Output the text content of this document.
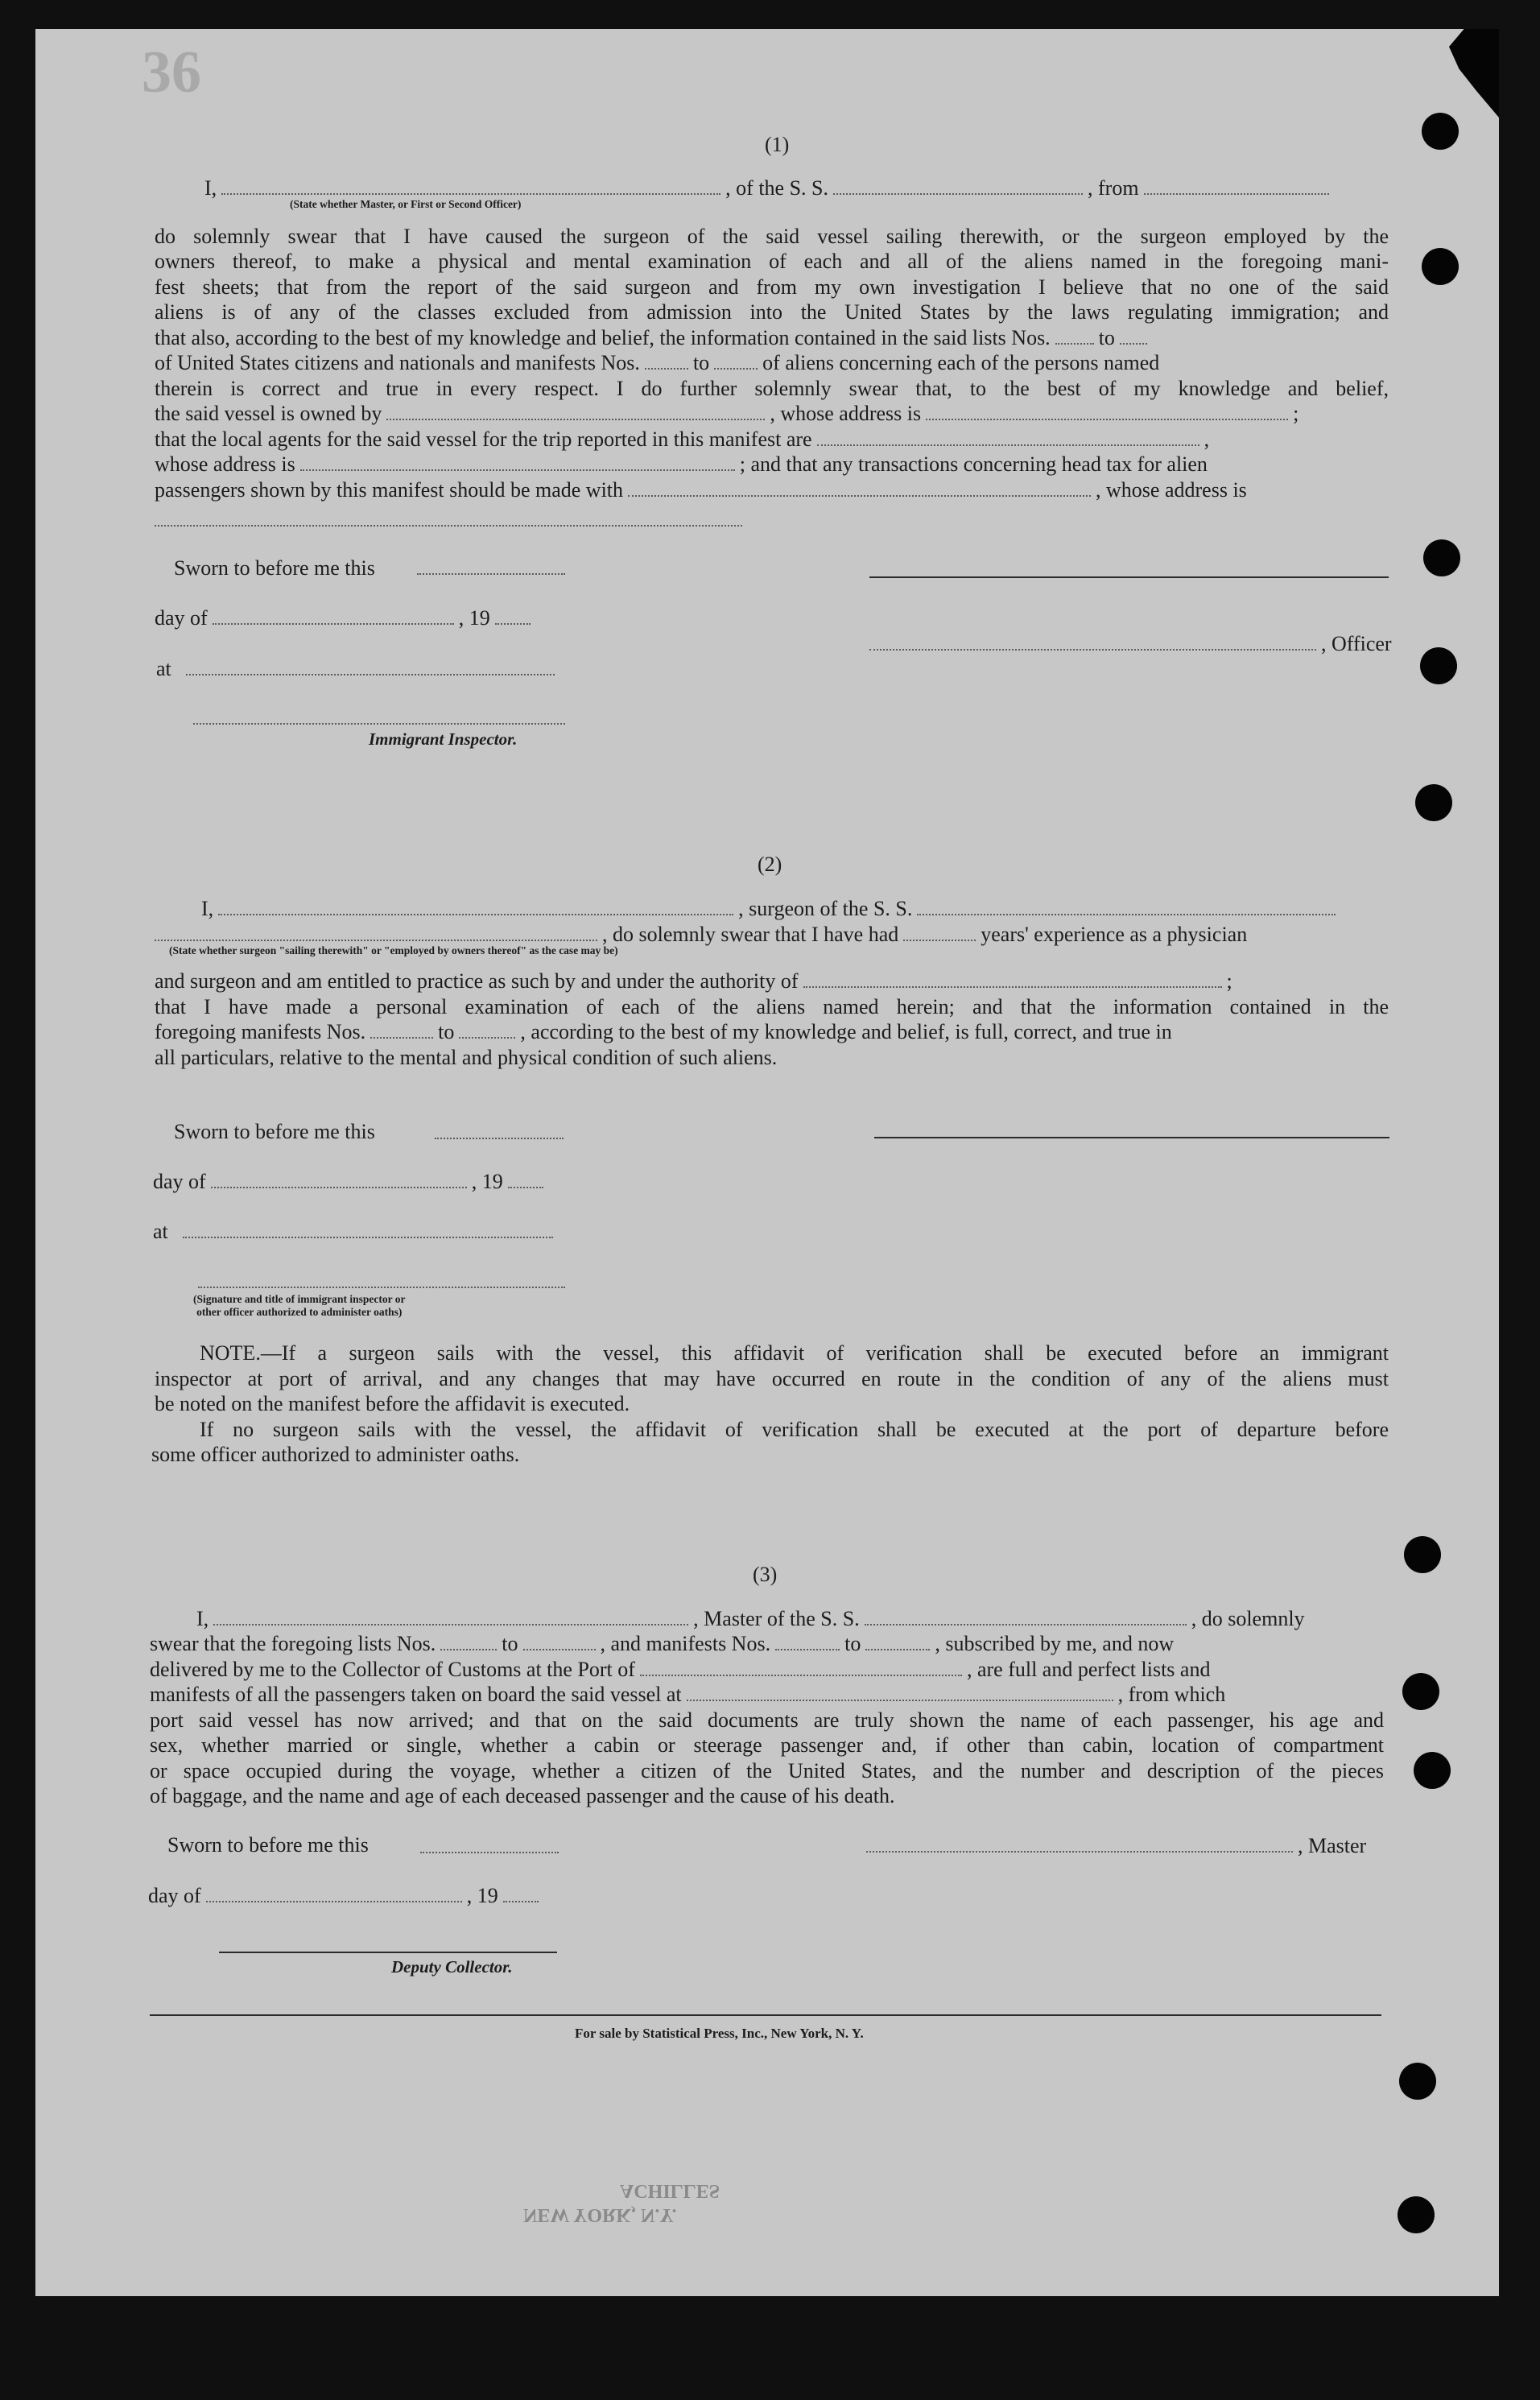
36
(1)
I,	, of the S. S.	, from
(State whether Master, or First or Second Officer)
do solemnly swear that I have caused the surgeon of the said vessel sailing therewith, or the surgeon employed by the
owners thereof, to make a physical and mental examination of each and all of the aliens named in the foregoing mani-
fest sheets; that from the report of the said surgeon and from my own investigation I believe that no one of the said
aliens is of any of the classes excluded from admission into the United States by the laws regulating immigration; and
that also, according to the best of my knowledge and belief, the information contained in the said lists Nos. to
of United States citizens and nationals and manifests Nos.	to	of aliens concerning each of the persons named
therein is correct and true in every respect. I do further solemnly swear that, to the best of my knowledge and belief,
the said vessel is owned by	, whose address is	;
that the local agents for the said vessel for the trip reported in this manifest are	,
whose address is	; and that any transactions concerning head tax for alien
passengers shown by this manifest should be made with	, whose address is
Sworn to before me this
day of	, 19
, Officer
at
Immigrant Inspector.
(2)
I,	, surgeon of the S. S.
, do solemnly swear that I have had	years' experience as a physician
(State whether surgeon "sailing therewith" or "employed by owners thereof" as the case may be)
and surgeon and am entitled to practice as such by and under the authority of	;
that I have made a personal examination of each of the aliens named herein; and that the information contained in the
foregoing manifests Nos.	to	, according to the best of my knowledge and belief, is full, correct, and true in
all particulars, relative to the mental and physical condition of such aliens.
Sworn to before me this
day of	, 19
at
(Signature and title of immigrant inspector or
other officer authorized to administer oaths)
NOTE.—If a surgeon sails with the vessel, this affidavit of verification shall be executed before an immigrant
inspector at port of arrival, and any changes that may have occurred en route in the condition of any of the aliens must
be noted on the manifest before the affidavit is executed.
If no surgeon sails with the vessel, the affidavit of verification shall be executed at the port of departure before
some officer authorized to administer oaths.
(3)
I,	, Master of the S. S.	, do solemnly
swear that the foregoing lists Nos.	to	, and manifests Nos.	to	, subscribed by me, and now
delivered by me to the Collector of Customs at the Port of	, are full and perfect lists and
manifests of all the passengers taken on board the said vessel at	, from which
port said vessel has now arrived; and that on the said documents are truly shown the name of each passenger, his age and
sex, whether married or single, whether a cabin or steerage passenger and, if other than cabin, location of compartment
or space occupied during the voyage, whether a citizen of the United States, and the number and description of the pieces
of baggage, and the name and age of each deceased passenger and the cause of his death.
Sworn to before me this	, Master
day of	, 19
Deputy Collector.
For sale by Statistical Press, Inc., New York, N. Y.
NEW YORK, N.Y.
ACHILLES
